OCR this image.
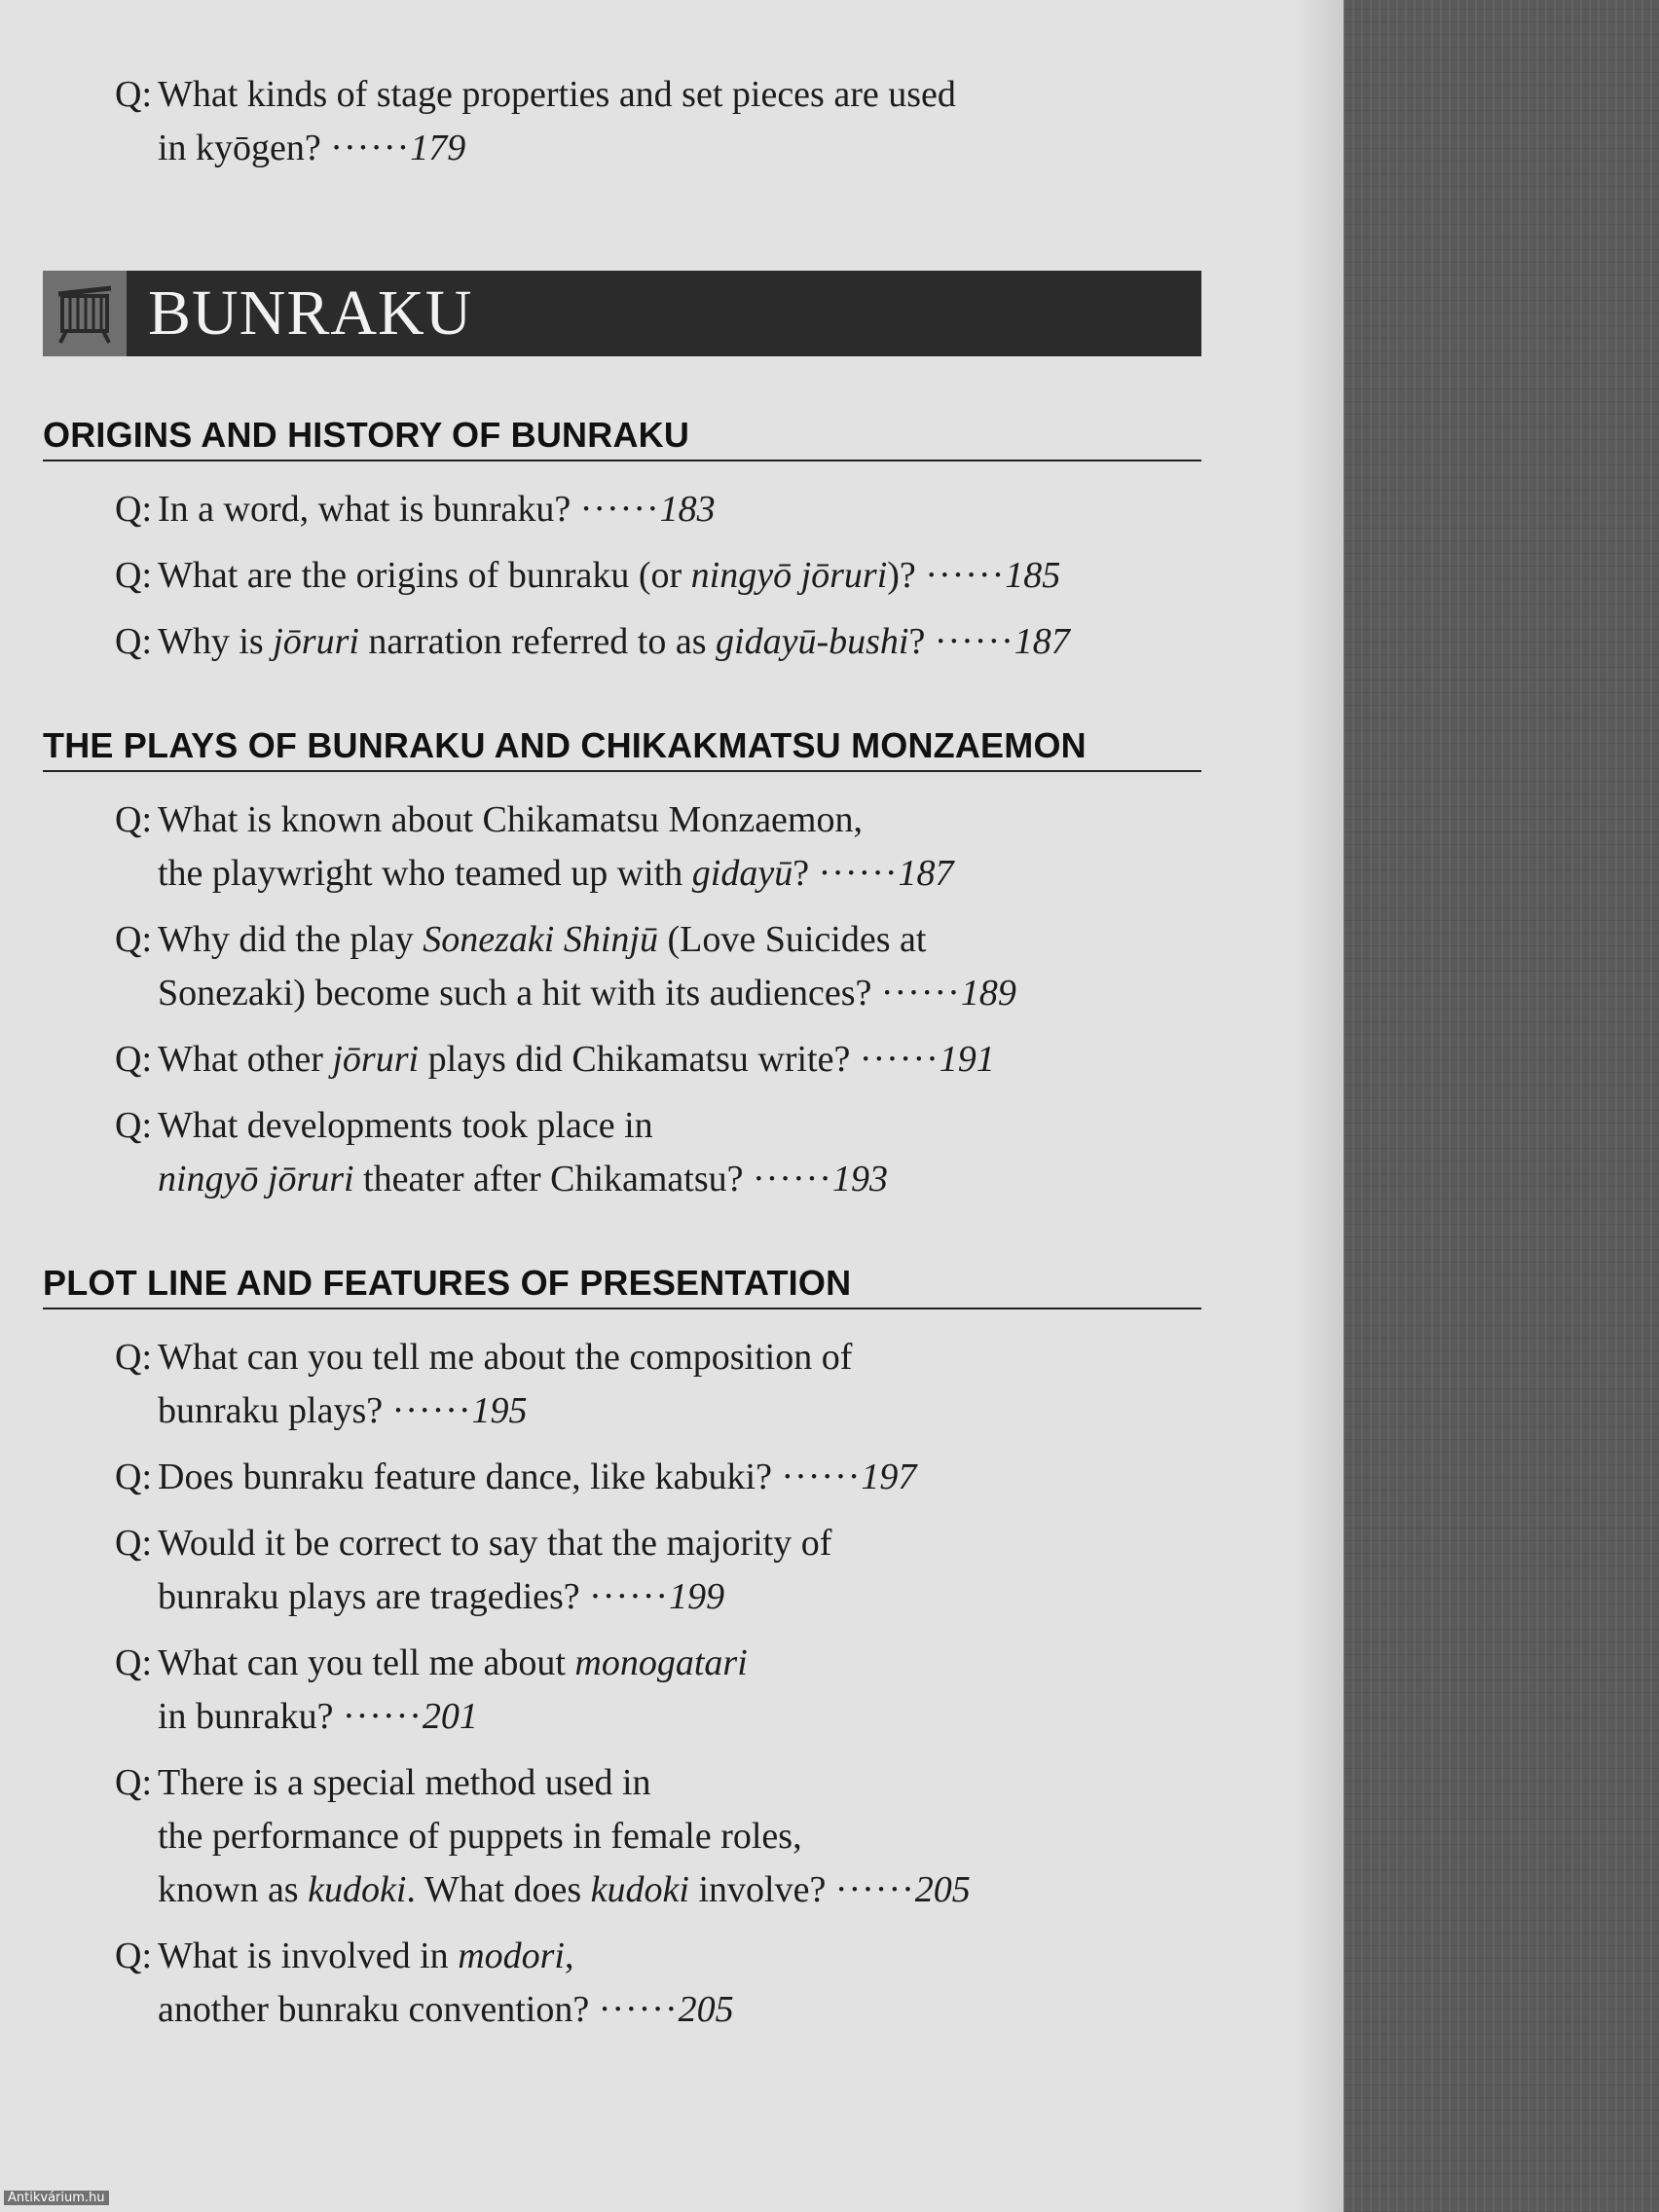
Q: What kinds of stage properties and set pieces are used
in kyōgen? ······179
BUNRAKU
ORIGINS AND HISTORY OF BUNRAKU
Q: In a word, what is bunraku? ······183
Q: What are the origins of bunraku (or ningyō jōruri)? ······185
Q: Why is jōruri narration referred to as gidayū-bushi? ······187
THE PLAYS OF BUNRAKU AND CHIKAKMATSU MONZAEMON
Q: What is known about Chikamatsu Monzaemon,
the playwright who teamed up with gidayū? ······187
Q: Why did the play Sonezaki Shinjū (Love Suicides at
Sonezaki) become such a hit with its audiences? ······189
Q: What other jōruri plays did Chikamatsu write? ······191
Q: What developments took place in
ningyō jōruri theater after Chikamatsu? ······193
PLOT LINE AND FEATURES OF PRESENTATION
Q: What can you tell me about the composition of
bunraku plays? ······195
Q: Does bunraku feature dance, like kabuki? ······197
Q: Would it be correct to say that the majority of
bunraku plays are tragedies? ······199
Q: What can you tell me about monogatari
in bunraku? ······201
Q: There is a special method used in
the performance of puppets in female roles,
known as kudoki. What does kudoki involve? ······205
Q: What is involved in modori,
another bunraku convention? ······205
Antikvárium.hu
